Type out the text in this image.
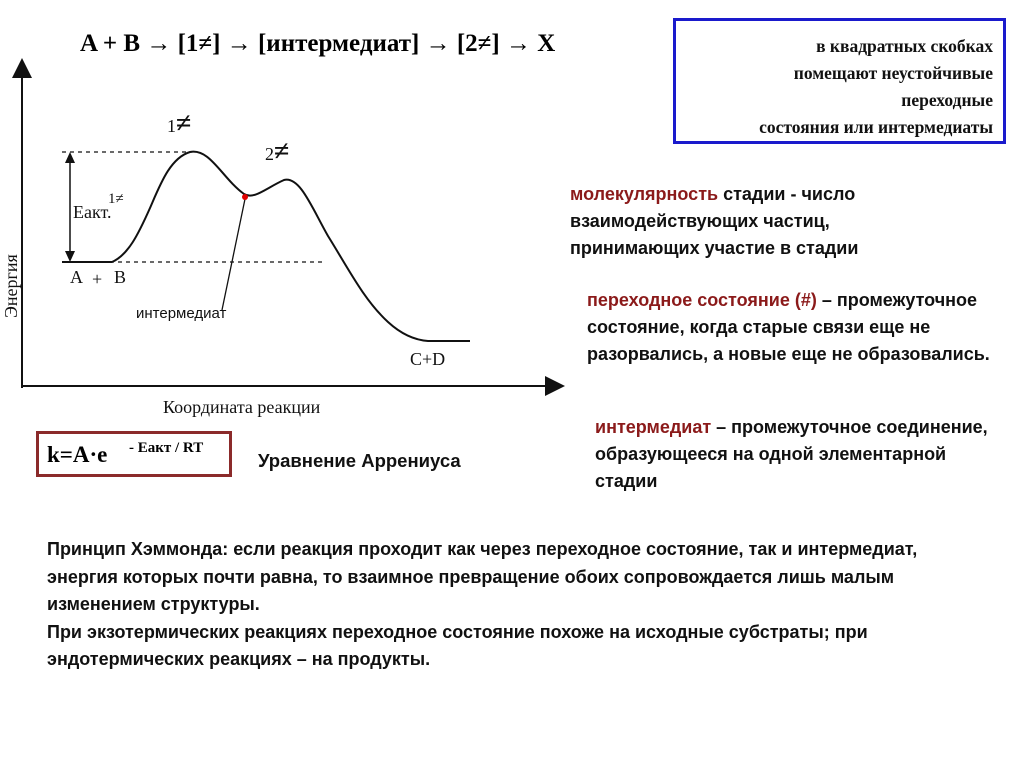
A + B → [1≠] → [интермедиат] → [2≠] → X	в квадратных скобках
помещают неустойчивые
переходные
состояния или интермедиаты
Энергия
Координата реакции
1≠
2≠
1≠
Eакт.
A + B
интермедиат
C+D
k=A·e - Eакт / RT
Уравнение Аррениуса
молекулярность стадии - число взаимодействующих частиц, принимающих участие в стадии
переходное состояние (#) – промежуточное состояние, когда старые связи еще не разорвались, а новые еще не образовались.
интермедиат – промежуточное соединение, образующееся на одной элементарной стадии
Принцип Хэммонда: если реакция проходит как через переходное состояние, так и интермедиат, энергия которых почти равна, то взаимное превращение обоих сопровождается лишь малым изменением структуры.
При экзотермических реакциях переходное состояние похоже на исходные субстраты; при эндотермических реакциях – на продукты.
